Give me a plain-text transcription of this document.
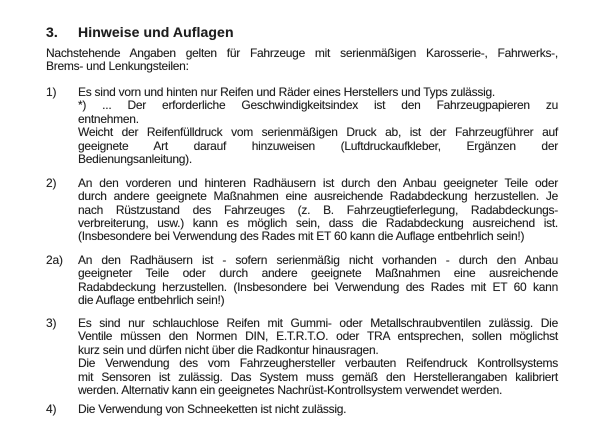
3.	Hinweise und Auflagen
Nachstehende Angaben gelten für Fahrzeuge mit serienmäßigen Karosserie-, Fahrwerks-,
Brems- und Lenkungsteilen:
1)	Es sind vorn und hinten nur Reifen und Räder eines Herstellers und Typs zulässig.
*) ... Der erforderliche Geschwindigkeitsindex ist den Fahrzeugpapieren zu
entnehmen.
Weicht der Reifenfülldruck vom serienmäßigen Druck ab, ist der Fahrzeugführer auf
geeignete Art darauf hinzuweisen (Luftdruckaufkleber, Ergänzen der
Bedienungsanleitung).
2)	An den vorderen und hinteren Radhäusern ist durch den Anbau geeigneter Teile oder
durch andere geeignete Maßnahmen eine ausreichende Radabdeckung herzustellen. Je
nach Rüstzustand des Fahrzeuges (z. B. Fahrzeugtieferlegung, Radabdeckungs-
verbreiterung, usw.) kann es möglich sein, dass die Radabdeckung ausreichend ist.
(Insbesondere bei Verwendung des Rades mit ET 60 kann die Auflage entbehrlich sein!)
2a)	An den Radhäusern ist - sofern serienmäßig nicht vorhanden - durch den Anbau
geeigneter Teile oder durch andere geeignete Maßnahmen eine ausreichende
Radabdeckung herzustellen. (Insbesondere bei Verwendung des Rades mit ET 60 kann
die Auflage entbehrlich sein!)
3)	Es sind nur schlauchlose Reifen mit Gummi- oder Metallschraubventilen zulässig. Die
Ventile müssen den Normen DIN, E.T.R.T.O. oder TRA entsprechen, sollen möglichst
kurz sein und dürfen nicht über die Radkontur hinausragen.
Die Verwendung des vom Fahrzeughersteller verbauten Reifendruck Kontrollsystems
mit Sensoren ist zulässig. Das System muss gemäß den Herstellerangaben kalibriert
werden. Alternativ kann ein geeignetes Nachrüst-Kontrollsystem verwendet werden.
4)	Die Verwendung von Schneeketten ist nicht zulässig.
